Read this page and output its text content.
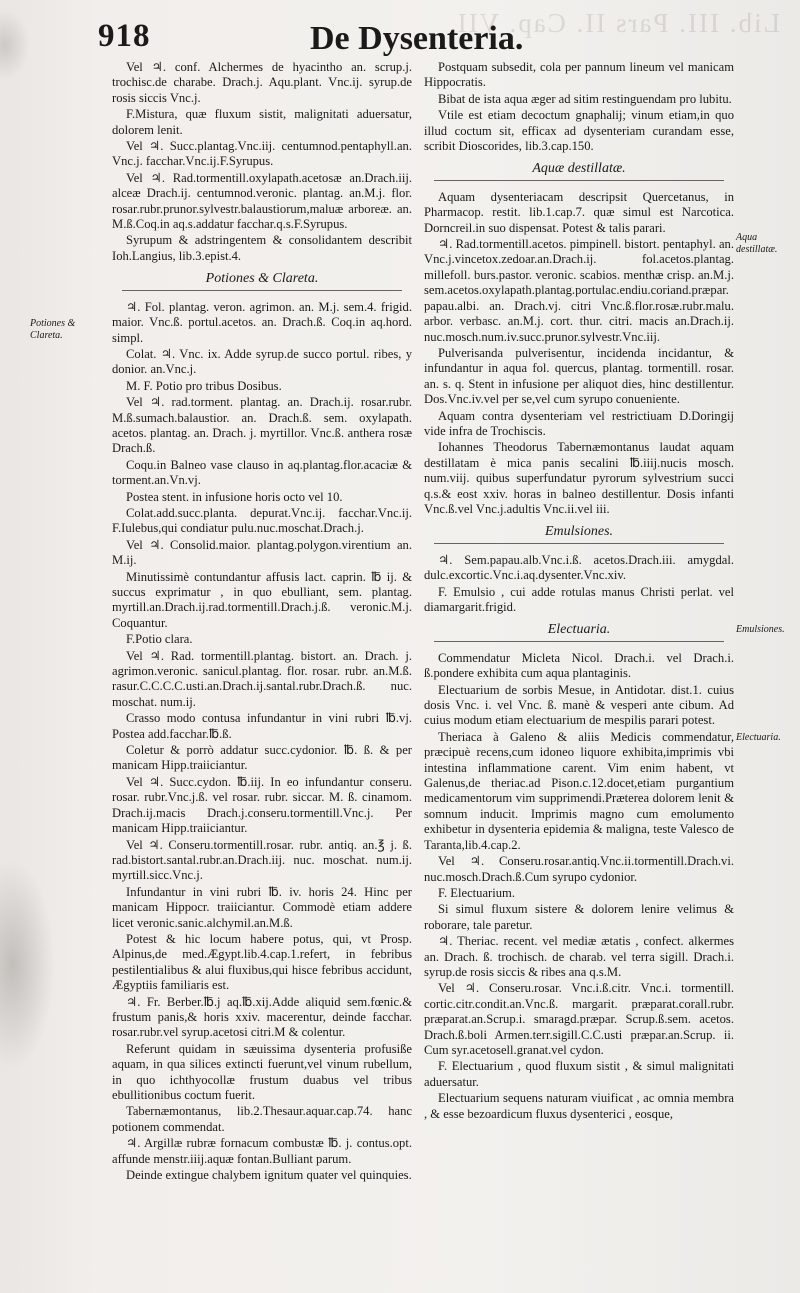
Lib. III. Pars II. Cap. VII.
918	De Dysenteria.
Potiones & Clareta.
Aqua destillatæ.
Emulsiones.
Electuaria.

Vel ♃. conf. Alchermes de hyacintho an. scrup.j. trochisc.de charabe. Drach.j. Aqu.plant. Vnc.ij. syrup.de rosis siccis Vnc.j.

F.Mistura, quæ fluxum sistit, malignitati aduersatur, dolorem lenit.

Vel ♃. Succ.plantag.Vnc.iij. centumnod.pentaphyll.an. Vnc.j. facchar.Vnc.ij.F.Syrupus.

Vel ♃. Rad.tormentill.oxylapath.acetosæ an.Drach.iij. alceæ Drach.ij. centumnod.veronic. plantag. an.M.j. flor. rosar.rubr.prunor.sylvestr.balaustiorum,maluæ arboreæ. an. M.ß.Coq.in aq.s.addatur facchar.q.s.F.Syrupus.

Syrupum & adstringentem & consolidantem describit Ioh.Langius, lib.3.epist.4.

Potiones & Clareta.

♃. Fol. plantag. veron. agrimon. an. M.j. sem.4. frigid. maior. Vnc.ß. portul.acetos. an. Drach.ß. Coq.in aq.hord. simpl.

Colat. ♃. Vnc. ix. Adde syrup.de succo portul. ribes, y donior. an.Vnc.j.

M. F. Potio pro tribus Dosibus.

Vel ♃. rad.torment. plantag. an. Drach.ij. rosar.rubr. M.ß.sumach.balaustior. an. Drach.ß. sem. oxylapath. acetos. plantag. an. Drach. j. myrtillor. Vnc.ß. anthera rosæ Drach.ß.

Coqu.in Balneo vase clauso in aq.plantag.flor.acaciæ & torment.an.Vn.vj.

Postea stent. in infusione horis octo vel 10.

Colat.add.succ.planta. depurat.Vnc.ij. facchar.Vnc.ij. F.Iulebus,qui condiatur pulu.nuc.moschat.Drach.j.

Vel ♃. Consolid.maior. plantag.polygon.virentium an. M.ij.

Minutissimè contundantur affusis lact. caprin. ℔ ij. & succus exprimatur , in quo ebulliant, sem. plantag. myrtill.an.Drach.ij.rad.tormentill.Drach.j.ß. veronic.M.j. Coquantur.

F.Potio clara.

Vel ♃. Rad. tormentill.plantag. bistort. an. Drach. j. agrimon.veronic. sanicul.plantag. flor. rosar. rubr. an.M.ß. rasur.C.C.C.C.usti.an.Drach.ij.santal.rubr.Drach.ß. nuc. moschat. num.ij.

Crasso modo contusa infundantur in vini rubri ℔.vj. Postea add.facchar.℔.ß.

Coletur & porrò addatur succ.cydonior. ℔. ß. & per manicam Hipp.traiiciantur.

Vel ♃. Succ.cydon. ℔.iij. In eo infundantur conseru. rosar. rubr.Vnc.j.ß. vel rosar. rubr. siccar. M. ß. cinamom. Drach.ij.macis Drach.j.conseru.tormentill.Vnc.j. Per manicam Hipp.traiiciantur.

Vel ♃. Conseru.tormentill.rosar. rubr. antiq. an.℥ j. ß. rad.bistort.santal.rubr.an.Drach.iij. nuc. moschat. num.ij. myrtill.sicc.Vnc.j.

Infundantur in vini rubri ℔. iv. horis 24. Hinc per manicam Hippocr. traiiciantur. Commodè etiam addere licet veronic.sanic.alchymil.an.M.ß.

Potest & hic locum habere potus, qui, vt Prosp. Alpinus,de med.Ægypt.lib.4.cap.1.refert, in febribus pestilentialibus & alui fluxibus,qui hisce febribus accidunt, Ægyptiis familiaris est.

♃. Fr. Berber.℔.j aq.℔.xij.Adde aliquid sem.fœnic.& frustum panis,& horis xxiv. macerentur, deinde facchar. rosar.rubr.vel syrup.acetosi citri.M & colentur.

Referunt quidam in sæuissima dysenteria profusiße aquam, in qua silices extincti fuerunt,vel vinum rubellum, in quo ichthyocollæ frustum duabus vel tribus ebullitionibus coctum fuerit.

Tabernæmontanus, lib.2.Thesaur.aquar.cap.74. hanc potionem commendat.

♃. Argillæ rubræ fornacum combustæ ℔. j. contus.opt. affunde menstr.iiij.aquæ fontan.Bulliant parum.

Deinde extingue chalybem ignitum quater vel quinquies.

Postquam subsedit, cola per pannum lineum vel manicam Hippocratis.

Bibat de ista aqua æger ad sitim restinguendam pro lubitu.

Vtile est etiam decoctum gnaphalij; vinum etiam,in quo illud coctum sit, efficax ad dysenteriam curandam esse, scribit Dioscorides, lib.3.cap.150.

Aquæ destillatæ.

Aquam dysenteriacam descripsit Quercetanus, in Pharmacop. restit. lib.1.cap.7. quæ simul est Narcotica. Dorncreil.in suo dispensat. Potest & talis parari.

♃. Rad.tormentill.acetos. pimpinell. bistort. pentaphyl. an. Vnc.j.vincetox.zedoar.an.Drach.ij. fol.acetos.plantag. millefoll. burs.pastor. veronic. scabios. menthæ crisp. an.M.j. sem.acetos.oxylapath.plantag.portulac.endiu.coriand.præpar. papau.albi. an. Drach.vj. citri Vnc.ß.flor.rosæ.rubr.malu. arbor. verbasc. an.M.j. cort. thur. citri. macis an.Drach.ij. nuc.mosch.num.iv.succ.prunor.sylvestr.Vnc.iij.

Pulverisanda pulverisentur, incidenda incidantur, & infundantur in aqua fol. quercus, plantag. tormentill. rosar. an. s. q. Stent in infusione per aliquot dies, hinc destillentur. Dos.Vnc.iv.vel per se,vel cum syrupo conueniente.

Aquam contra dysenteriam vel restrictiuam D.Doringij vide infra de Trochiscis.

Iohannes Theodorus Tabernæmontanus laudat aquam destillatam è mica panis secalini ℔.iiij.nucis mosch. num.viij. quibus superfundatur pyrorum sylvestrium succi q.s.& eost xxiv. horas in balneo destillentur. Dosis infanti Vnc.ß.vel Vnc.j.adultis Vnc.ii.vel iii.

Emulsiones.

♃. Sem.papau.alb.Vnc.i.ß. acetos.Drach.iii. amygdal. dulc.excortic.Vnc.i.aq.dysenter.Vnc.xiv.

F. Emulsio , cui adde rotulas manus Christi perlat. vel diamargarit.frigid.

Electuaria.

Commendatur Micleta Nicol. Drach.i. vel Drach.i. ß.pondere exhibita cum aqua plantaginis.

Electuarium de sorbis Mesue, in Antidotar. dist.1. cuius dosis Vnc. i. vel Vnc. ß. manè & vesperi ante cibum. Ad cuius modum etiam electuarium de mespilis parari potest.

Theriaca à Galeno & aliis Medicis commendatur, præcipuè recens,cum idoneo liquore exhibita,imprimis vbi intestina inflammatione carent. Vim enim habent, vt Galenus,de theriac.ad Pison.c.12.docet,etiam purgantium medicamentorum vim supprimendi.Præterea dolorem lenit & somnum inducit. Imprimis magno cum emolumento exhibetur in dysenteria epidemia & maligna, teste Valesco de Taranta,lib.4.cap.2.

Vel ♃. Conseru.rosar.antiq.Vnc.ii.tormentill.Drach.vi. nuc.mosch.Drach.ß.Cum syrupo cydonior.

F. Electuarium.

Si simul fluxum sistere & dolorem lenire velimus & roborare, tale paretur.

♃. Theriac. recent. vel mediæ ætatis , confect. alkermes an. Drach. ß. trochisch. de charab. vel terra sigill. Drach.i. syrup.de rosis siccis & ribes ana q.s.M.

Vel ♃. Conseru.rosar. Vnc.i.ß.citr. Vnc.i. tormentill. cortic.citr.condit.an.Vnc.ß. margarit. præparat.corall.rubr. præparat.an.Scrup.i. smaragd.præpar. Scrup.ß.sem. acetos. Drach.ß.boli Armen.terr.sigill.C.C.usti præpar.an.Scrup. ii. Cum syr.acetosell.granat.vel cydon.

F. Electuarium , quod fluxum sistit , & simul malignitati aduersatur.

Electuarium sequens naturam viuificat , ac omnia membra , & esse bezoardicum fluxus dysenterici , eosque,
